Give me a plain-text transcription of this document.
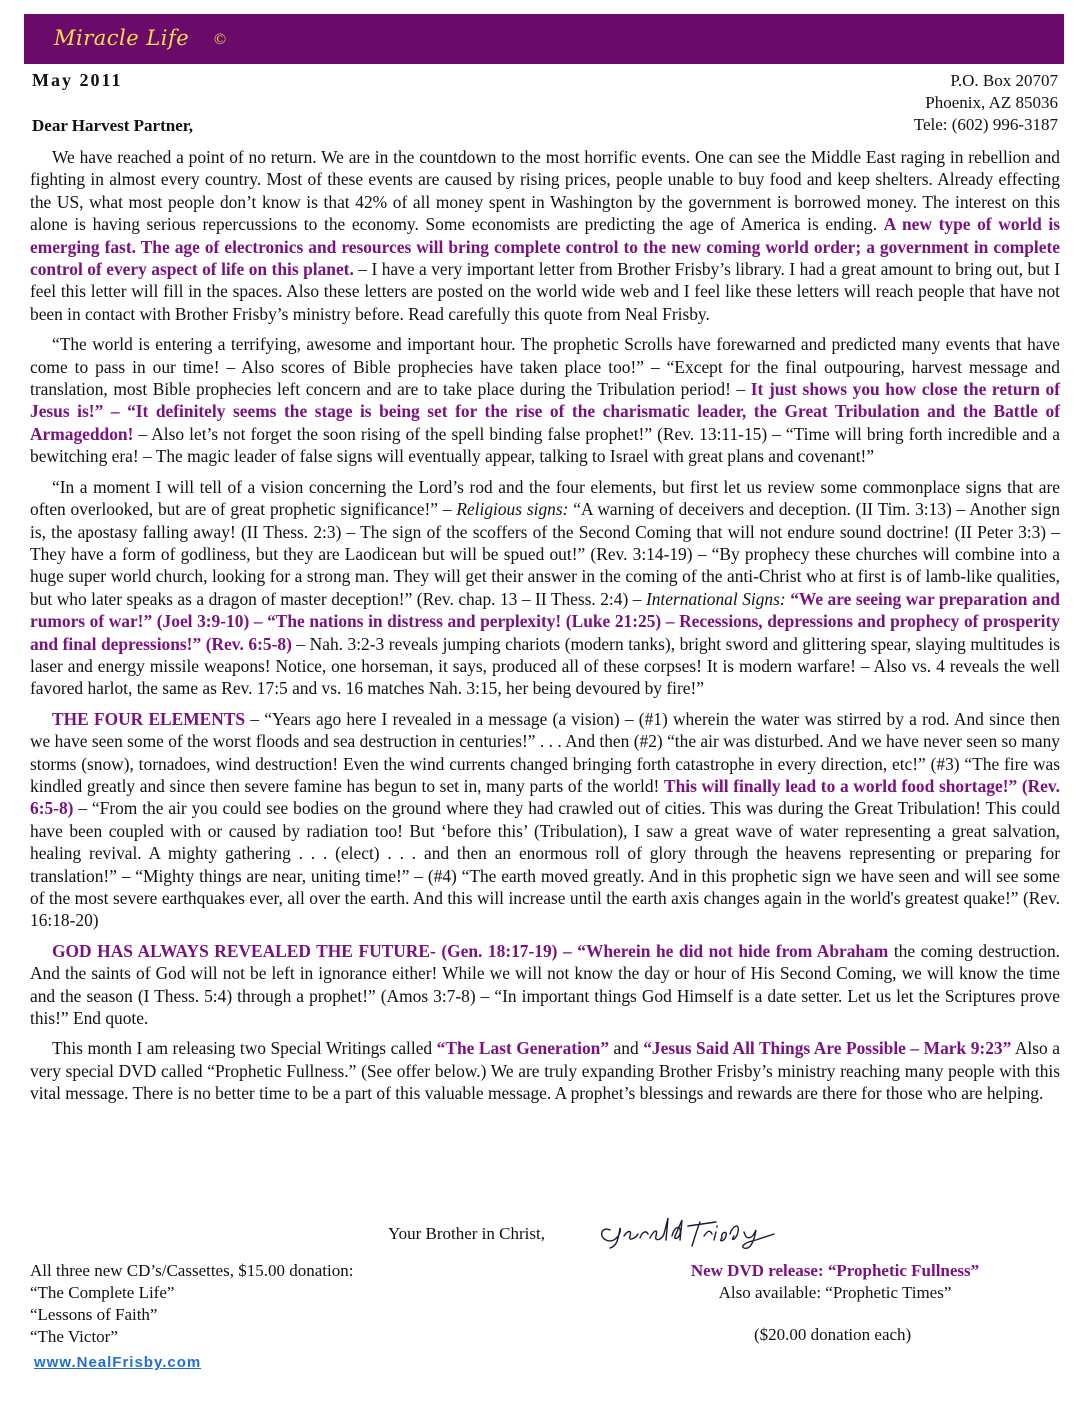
Miracle Life ©
May 2011	P.O. Box 20707
Phoenix, AZ 85036
Tele: (602) 996-3187
Dear Harvest Partner,

We have reached a point of no return. We are in the countdown to the most horrific events. One can see the Middle East raging in rebellion and fighting in almost every country. Most of these events are caused by rising prices, people unable to buy food and keep shelters. Already effecting the US, what most people don’t know is that 42% of all money spent in Washington by the government is borrowed money. The interest on this alone is having serious repercussions to the economy. Some economists are predicting the age of America is ending. A new type of world is emerging fast. The age of electronics and resources will bring complete control to the new coming world order; a government in complete control of every aspect of life on this planet. – I have a very important letter from Brother Frisby’s library. I had a great amount to bring out, but I feel this letter will fill in the spaces. Also these letters are posted on the world wide web and I feel like these letters will reach people that have not been in contact with Brother Frisby’s ministry before. Read carefully this quote from Neal Frisby.

“The world is entering a terrifying, awesome and important hour. The prophetic Scrolls have forewarned and predicted many events that have come to pass in our time! – Also scores of Bible prophecies have taken place too!” – “Except for the final outpouring, harvest message and translation, most Bible prophecies left concern and are to take place during the Tribulation period! – It just shows you how close the return of Jesus is!” – “It definitely seems the stage is being set for the rise of the charismatic leader, the Great Tribulation and the Battle of Armageddon! – Also let’s not forget the soon rising of the spell binding false prophet!” (Rev. 13:11-15) – “Time will bring forth incredible and a bewitching era! – The magic leader of false signs will eventually appear, talking to Israel with great plans and covenant!”

“In a moment I will tell of a vision concerning the Lord’s rod and the four elements, but first let us review some commonplace signs that are often overlooked, but are of great prophetic significance!” – Religious signs: “A warning of deceivers and deception. (II Tim. 3:13) – Another sign is, the apostasy falling away! (II Thess. 2:3) – The sign of the scoffers of the Second Coming that will not endure sound doctrine! (II Peter 3:3) – They have a form of godliness, but they are Laodicean but will be spued out!” (Rev. 3:14-19) – “By prophecy these churches will combine into a huge super world church, looking for a strong man. They will get their answer in the coming of the anti-Christ who at first is of lamb-like qualities, but who later speaks as a dragon of master deception!” (Rev. chap. 13 – II Thess. 2:4) – International Signs: “We are seeing war preparation and rumors of war!” (Joel 3:9-10) – “The nations in distress and perplexity! (Luke 21:25) – Recessions, depressions and prophecy of prosperity and final depressions!” (Rev. 6:5-8) – Nah. 3:2-3 reveals jumping chariots (modern tanks), bright sword and glittering spear, slaying multitudes is laser and energy missile weapons! Notice, one horseman, it says, produced all of these corpses! It is modern warfare! – Also vs. 4 reveals the well favored harlot, the same as Rev. 17:5 and vs. 16 matches Nah. 3:15, her being devoured by fire!”

THE FOUR ELEMENTS – “Years ago here I revealed in a message (a vision) – (#1) wherein the water was stirred by a rod. And since then we have seen some of the worst floods and sea destruction in centuries!” . . . And then (#2) “the air was disturbed. And we have never seen so many storms (snow), tornadoes, wind destruction! Even the wind currents changed bringing forth catastrophe in every direction, etc!” (#3) “The fire was kindled greatly and since then severe famine has begun to set in, many parts of the world! This will finally lead to a world food shortage!” (Rev. 6:5-8) – “From the air you could see bodies on the ground where they had crawled out of cities. This was during the Great Tribulation! This could have been coupled with or caused by radiation too! But ‘before this’ (Tribulation), I saw a great wave of water representing a great salvation, healing revival. A mighty gathering . . . (elect) . . . and then an enormous roll of glory through the heavens representing or preparing for translation!” – “Mighty things are near, uniting time!” – (#4) “The earth moved greatly. And in this prophetic sign we have seen and will see some of the most severe earthquakes ever, all over the earth. And this will increase until the earth axis changes again in the world's greatest quake!” (Rev. 16:18-20)

GOD HAS ALWAYS REVEALED THE FUTURE- (Gen. 18:17-19) – “Wherein he did not hide from Abraham the coming destruction. And the saints of God will not be left in ignorance either! While we will not know the day or hour of His Second Coming, we will know the time and the season (I Thess. 5:4) through a prophet!” (Amos 3:7-8) – “In important things God Himself is a date setter. Let us let the Scriptures prove this!” End quote.

This month I am releasing two Special Writings called “The Last Generation” and “Jesus Said All Things Are Possible – Mark 9:23” Also a very special DVD called “Prophetic Fullness.” (See offer below.) We are truly expanding Brother Frisby’s ministry reaching many people with this vital message. There is no better time to be a part of this valuable message. A prophet’s blessings and rewards are there for those who are helping.

Your Brother in Christ,
All three new CD’s/Cassettes, $15.00 donation:
“The Complete Life”
“Lessons of Faith”
“The Victor”
New DVD release: “Prophetic Fullness”
Also available: “Prophetic Times”
($20.00 donation each)
www.NealFrisby.com
